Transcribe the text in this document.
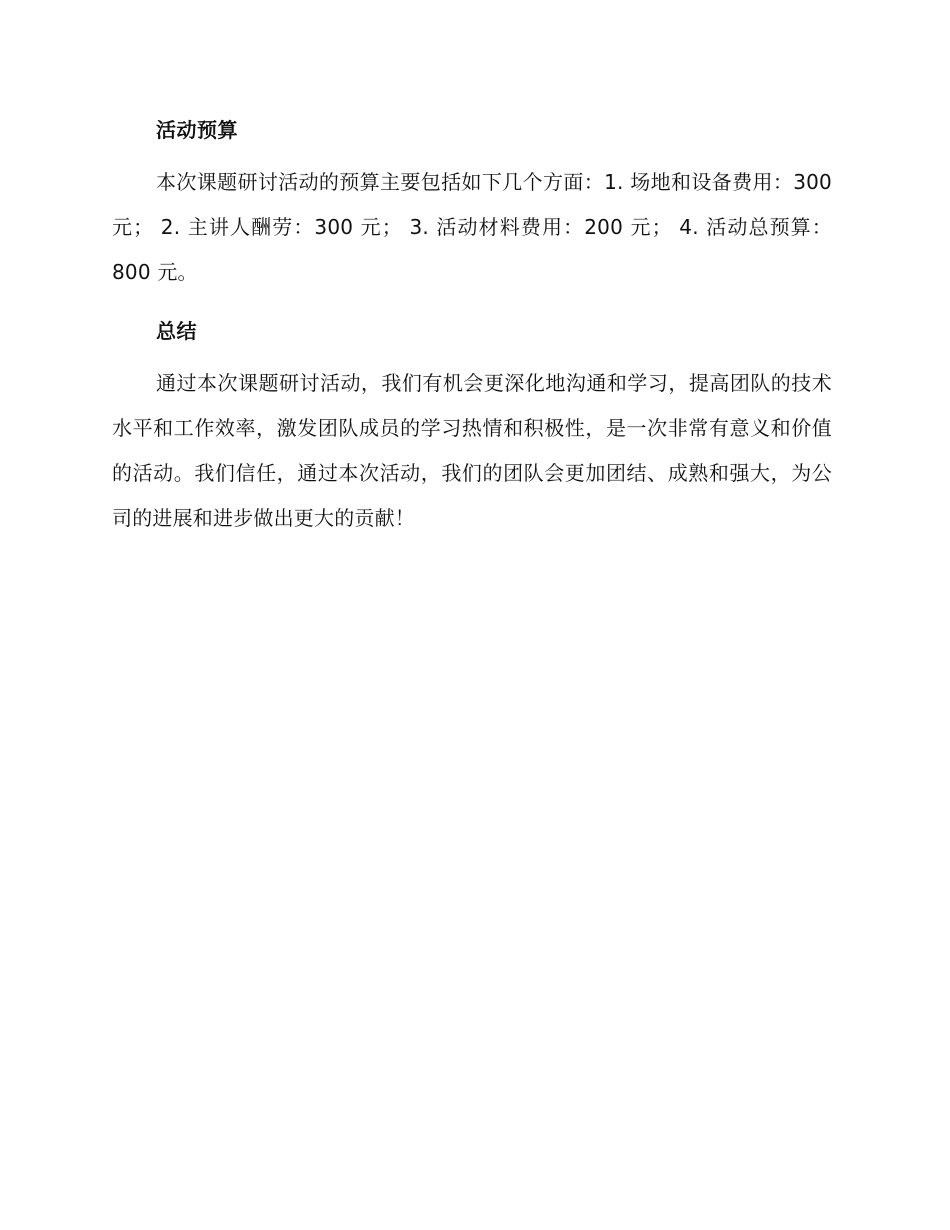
活动预算

本次课题研讨活动的预算主要包括如下几个方面：1. 场地和设备费用：300 元； 2. 主讲人酬劳：300 元； 3. 活动材料费用：200 元； 4. 活动总预算：800 元。

总结

通过本次课题研讨活动，我们有机会更深化地沟通和学习，提高团队的技术水平和工作效率，激发团队成员的学习热情和积极性，是一次非常有意义和价值的活动。我们信任，通过本次活动，我们的团队会更加团结、成熟和强大，为公司的进展和进步做出更大的贡献！
